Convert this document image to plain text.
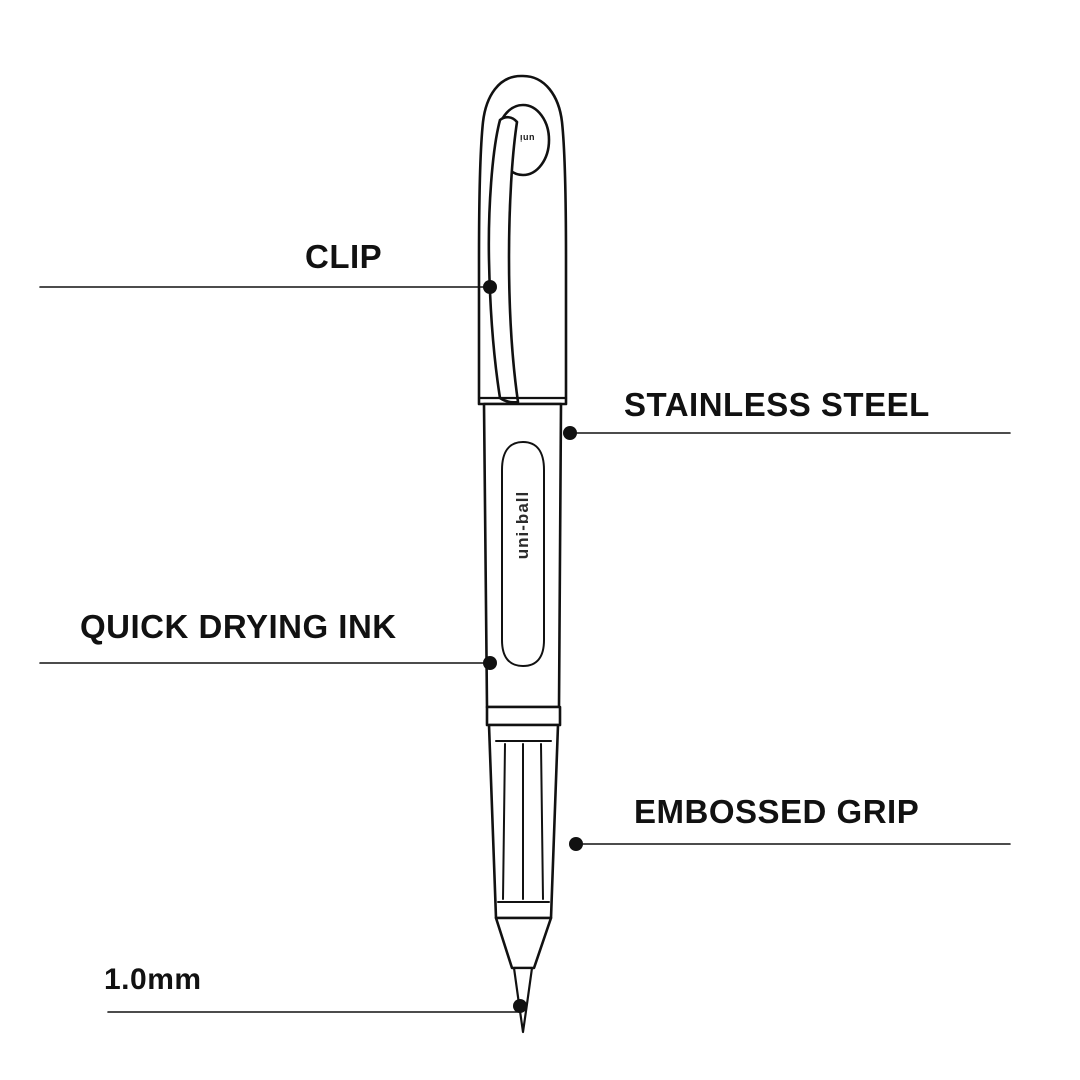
uni
uni-ball
CLIP
STAINLESS STEEL
QUICK DRYING INK
EMBOSSED GRIP
1.0mm
